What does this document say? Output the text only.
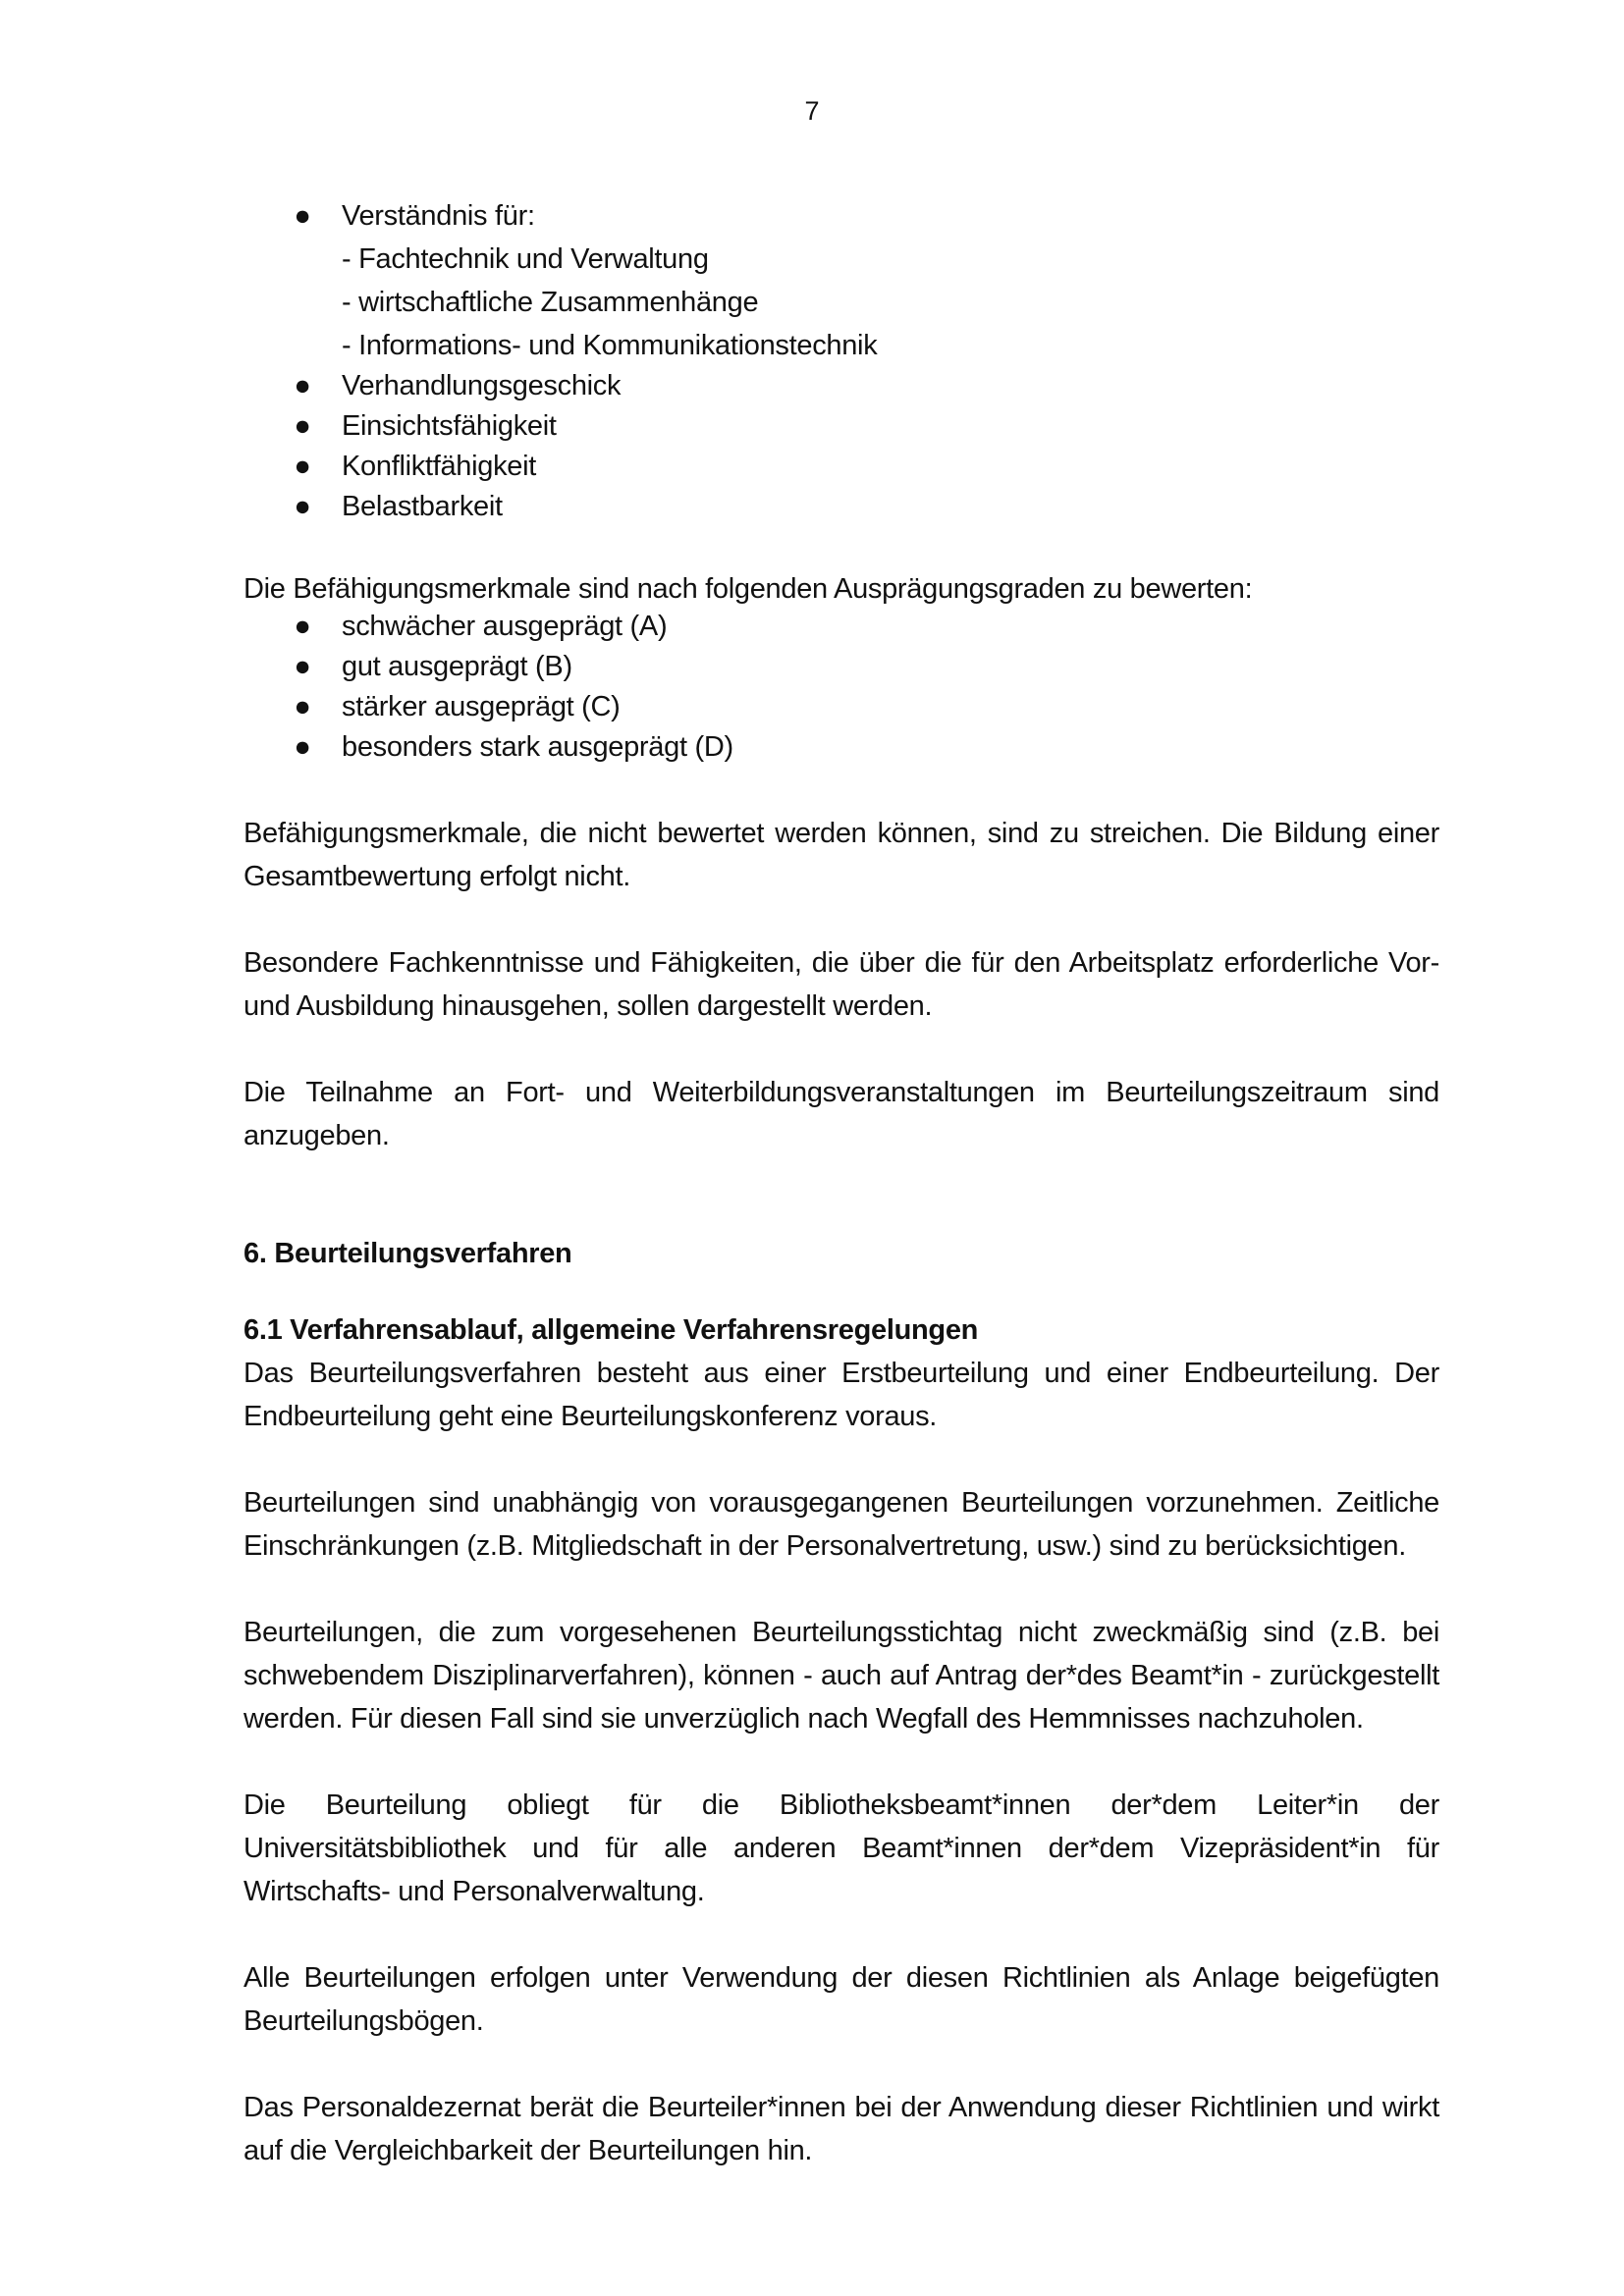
7
● Verständnis für:
- Fachtechnik und Verwaltung
- wirtschaftliche Zusammenhänge
- Informations- und Kommunikationstechnik
● Verhandlungsgeschick
● Einsichtsfähigkeit
● Konfliktfähigkeit
● Belastbarkeit

Die Befähigungsmerkmale sind nach folgenden Ausprägungsgraden zu bewerten:

● schwächer ausgeprägt (A)
● gut ausgeprägt (B)
● stärker ausgeprägt (C)
● besonders stark ausgeprägt (D)

Befähigungsmerkmale, die nicht bewertet werden können, sind zu streichen. Die Bildung einer Gesamtbewertung erfolgt nicht.

Besondere Fachkenntnisse und Fähigkeiten, die über die für den Arbeitsplatz erforderliche Vor- und Ausbildung hinausgehen, sollen dargestellt werden.

Die Teilnahme an Fort- und Weiterbildungsveranstaltungen im Beurteilungszeitraum sind anzugeben.

6. Beurteilungsverfahren
6.1 Verfahrensablauf, allgemeine Verfahrensregelungen

Das Beurteilungsverfahren besteht aus einer Erstbeurteilung und einer Endbeurteilung. Der Endbeurteilung geht eine Beurteilungskonferenz voraus.

Beurteilungen sind unabhängig von vorausgegangenen Beurteilungen vorzunehmen. Zeitliche Einschränkungen (z.B. Mitgliedschaft in der Personalvertretung, usw.) sind zu berücksichtigen.

Beurteilungen, die zum vorgesehenen Beurteilungsstichtag nicht zweckmäßig sind (z.B. bei schwebendem Disziplinarverfahren), können - auch auf Antrag der*des Beamt*in - zurückgestellt werden. Für diesen Fall sind sie unverzüglich nach Wegfall des Hemmnisses nachzuholen.

Die Beurteilung obliegt für die Bibliotheksbeamt*innen der*dem Leiter*in der Universitätsbibliothek und für alle anderen Beamt*innen der*dem Vizepräsident*in für Wirtschafts- und Personalverwaltung.

Alle Beurteilungen erfolgen unter Verwendung der diesen Richtlinien als Anlage beigefügten Beurteilungsbögen.

Das Personaldezernat berät die Beurteiler*innen bei der Anwendung dieser Richtlinien und wirkt auf die Vergleichbarkeit der Beurteilungen hin.
